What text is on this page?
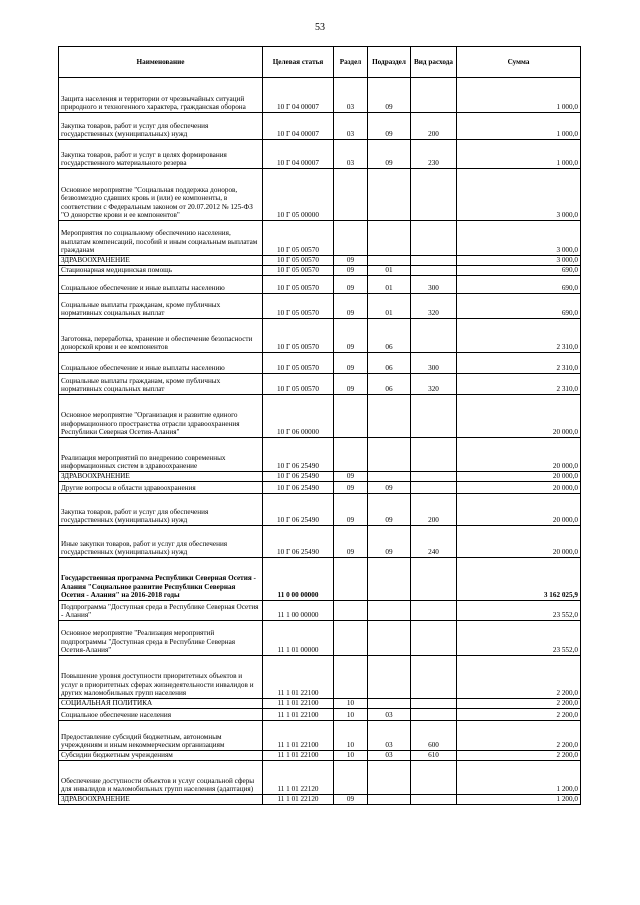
53
Наименование	Целевая статья	Раздел	Подраздел	Вид расхода	Сумма
Защита населения и территории от чрезвычайных ситуаций природного и техногенного характера, гражданская оборона	10 Г 04 00007	03	09		1 000,0
Закупка товаров, работ и услуг для обеспечения государственных (муниципальных) нужд	10 Г 04 00007	03	09	200	1 000,0
Закупка товаров, работ и услуг в целях формирования государственного материального резерва	10 Г 04 00007	03	09	230	1 000,0
Основное мероприятие "Социальная поддержка доноров, безвозмездно сдавших кровь и (или) ее компоненты, в соответствии с Федеральным законом от 20.07.2012 № 125-ФЗ "О донорстве крови и ее компонентов"	10 Г 05 00000				3 000,0
Мероприятия по социальному обеспечению населения, выплатам компенсаций, пособий и иным социальным выплатам гражданам	10 Г 05 00570				3 000,0
ЗДРАВООХРАНЕНИЕ	10 Г 05 00570	09			3 000,0
Стационарная медицинская помощь	10 Г 05 00570	09	01		690,0
Социальное обеспечение и иные выплаты населению	10 Г 05 00570	09	01	300	690,0
Социальные выплаты гражданам, кроме публичных нормативных социальных выплат	10 Г 05 00570	09	01	320	690,0
Заготовка, переработка, хранение и обеспечение безопасности донорской крови и ее компонентов	10 Г 05 00570	09	06		2 310,0
Социальное обеспечение и иные выплаты населению	10 Г 05 00570	09	06	300	2 310,0
Социальные выплаты гражданам, кроме публичных нормативных социальных выплат	10 Г 05 00570	09	06	320	2 310,0
Основное мероприятие "Организация и развитие единого информационного пространства отрасли здравоохранения Республики Северная Осетия-Алания"	10 Г 06 00000				20 000,0
Реализация мероприятий по внедрению современных информационных систем в здравоохранение	10 Г 06 25490				20 000,0
ЗДРАВООХРАНЕНИЕ	10 Г 06 25490	09			20 000,0
Другие вопросы в области здравоохранения	10 Г 06 25490	09	09		20 000,0
Закупка товаров, работ и услуг для обеспечения государственных (муниципальных) нужд	10 Г 06 25490	09	09	200	20 000,0
Иные закупки товаров, работ и услуг для обеспечения государственных (муниципальных) нужд	10 Г 06 25490	09	09	240	20 000,0
Государственная программа Республики Северная Осетия - Алания "Социальное развитие Республики Северная Осетия - Алания" на 2016-2018 годы	11 0 00 00000				3 162 025,9
Подпрограмма "Доступная среда в Республике Северная Осетия - Алания"	11 1 00 00000				23 552,0
Основное мероприятие "Реализация мероприятий подпрограммы "Доступная среда в Республике Северная Осетия-Алания"	11 1 01 00000				23 552,0
Повышение уровня доступности приоритетных объектов и услуг в приоритетных сферах жизнедеятельности инвалидов и других маломобильных групп населения	11 1 01 22100				2 200,0
СОЦИАЛЬНАЯ ПОЛИТИКА	11 1 01 22100	10			2 200,0
Социальное обеспечение населения	11 1 01 22100	10	03		2 200,0
Предоставление субсидий бюджетным, автономным учреждениям и иным некоммерческим организациям	11 1 01 22100	10	03	600	2 200,0
Субсидии бюджетным учреждениям	11 1 01 22100	10	03	610	2 200,0
Обеспечение доступности объектов и услуг социальной сферы для инвалидов и маломобильных групп населения (адаптация)	11 1 01 22120				1 200,0
ЗДРАВООХРАНЕНИЕ	11 1 01 22120	09			1 200,0
